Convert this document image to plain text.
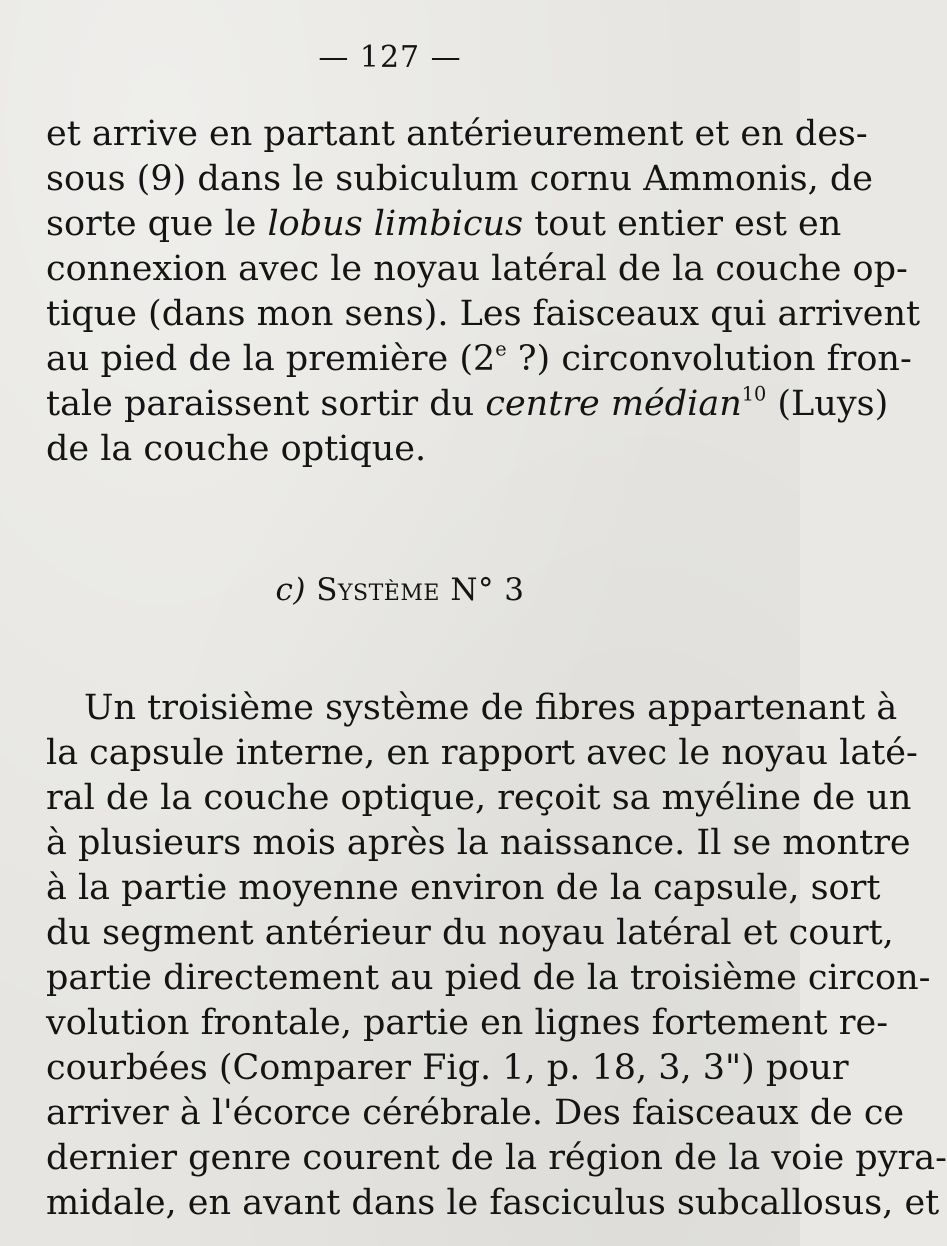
— 127 —

et arrive en partant antérieurement et en des-
sous (9) dans le subiculum cornu Ammonis, de
sorte que le lobus limbicus tout entier est en
connexion avec le noyau latéral de la couche op-
tique (dans mon sens). Les faisceaux qui arrivent
au pied de la première (2e ?) circonvolution fron-
tale paraissent sortir du centre médian$^{10}$ (Luys)
de la couche optique.

c) Système N° 3

Un troisième système de fibres appartenant à
la capsule interne, en rapport avec le noyau laté-
ral de la couche optique, reçoit sa myéline de un
à plusieurs mois après la naissance. Il se montre
à la partie moyenne environ de la capsule, sort
du segment antérieur du noyau latéral et court,
partie directement au pied de la troisième circon-
volution frontale, partie en lignes fortement re-
courbées (Comparer Fig. 1, p. 18, 3, 3") pour
arriver à l'écorce cérébrale. Des faisceaux de ce
dernier genre courent de la région de la voie pyra-
midale, en avant dans le fasciculus subcallosus, et
